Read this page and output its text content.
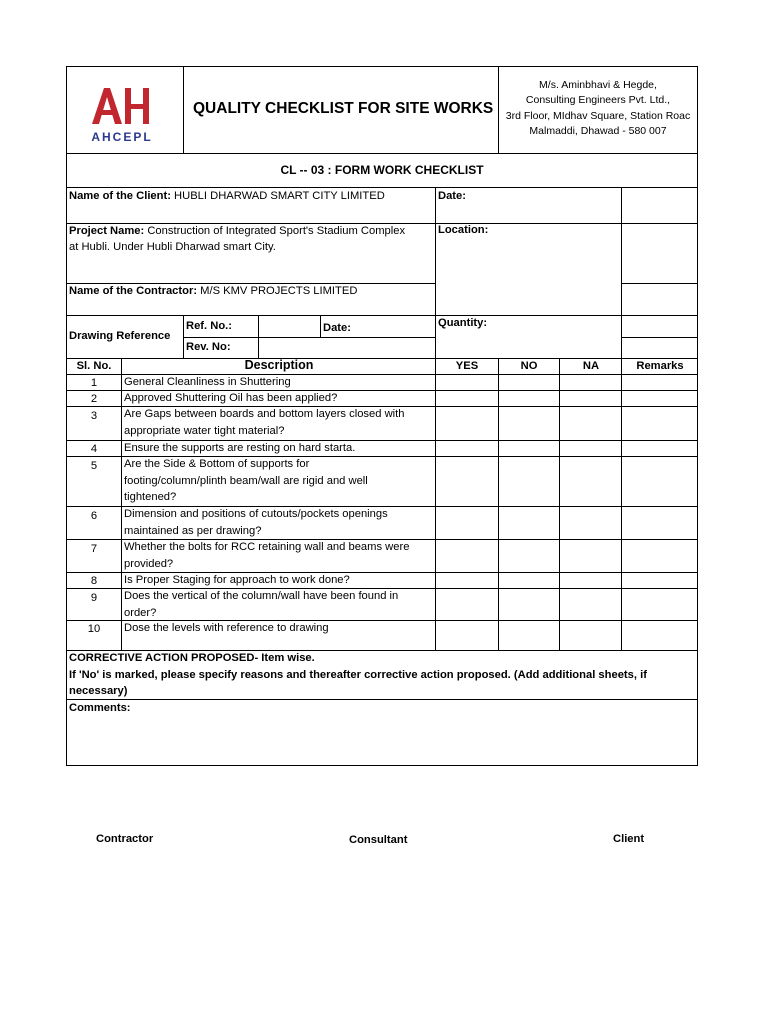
AHCEPL
QUALITY CHECKLIST FOR SITE WORKS
M/s. Aminbhavi & Hegde,
Consulting Engineers Pvt. Ltd.,
3rd Floor, MIdhav Square, Station Roac
Malmaddi, Dhawad - 580 007
CL -- 03 : FORM WORK CHECKLIST
Name of the Client: HUBLI DHARWAD SMART CITY LIMITED	Date:
Project Name: Construction of Integrated Sport's Stadium Complex
at Hubli. Under Hubli Dharwad smart City.
Location:
Name of the Contractor: M/S KMV PROJECTS LIMITED
Drawing Reference
Ref. No.:	Date:
Rev. No:
Quantity:
Sl. No.	Description	YES	NO	NA	Remarks
1	General Cleanliness in Shuttering
2	Approved Shuttering Oil has been applied?
3	Are Gaps between boards and bottom layers closed with
appropriate water tight material?
4	Ensure the supports are resting on hard starta.
5	Are the Side & Bottom of supports for
footing/column/plinth beam/wall are rigid and well
tightened?
6	Dimension and positions of cutouts/pockets openings
maintained as per drawing?
7	Whether the bolts for RCC retaining wall and beams were
provided?
8	Is Proper Staging for approach to work done?
9	Does the vertical of the column/wall have been found in
order?
10	Dose the levels with reference to drawing
CORRECTIVE ACTION PROPOSED- Item wise.
If 'No' is marked, please specify reasons and thereafter corrective action proposed. (Add additional sheets, if
necessary)
Comments:
Contractor	Consultant	Client
